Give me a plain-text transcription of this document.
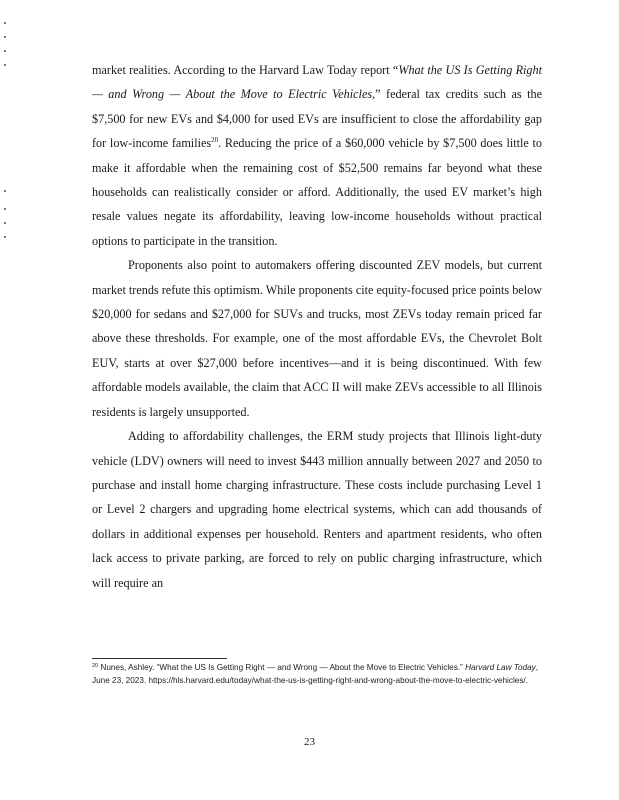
market realities. According to the Harvard Law Today report “What the US Is Getting Right — and Wrong — About the Move to Electric Vehicles,” federal tax credits such as the $7,500 for new EVs and $4,000 for used EVs are insufficient to close the affordability gap for low-income families$^{20}$. Reducing the price of a $60,000 vehicle by $7,500 does little to make it affordable when the remaining cost of $52,500 remains far beyond what these households can realistically consider or afford. Additionally, the used EV market’s high resale values negate its affordability, leaving low-income households without practical options to participate in the transition.

Proponents also point to automakers offering discounted ZEV models, but current market trends refute this optimism. While proponents cite equity-focused price points below $20,000 for sedans and $27,000 for SUVs and trucks, most ZEVs today remain priced far above these thresholds. For example, one of the most affordable EVs, the Chevrolet Bolt EUV, starts at over $27,000 before incentives—and it is being discontinued. With few affordable models available, the claim that ACC II will make ZEVs accessible to all Illinois residents is largely unsupported.

Adding to affordability challenges, the ERM study projects that Illinois light-duty vehicle (LDV) owners will need to invest $443 million annually between 2027 and 2050 to purchase and install home charging infrastructure. These costs include purchasing Level 1 or Level 2 chargers and upgrading home electrical systems, which can add thousands of dollars in additional expenses per household. Renters and apartment residents, who often lack access to private parking, are forced to rely on public charging infrastructure, which will require an

$^{20}$ Nunes, Ashley. “What the US Is Getting Right — and Wrong — About the Move to Electric Vehicles.” Harvard Law Today, June 23, 2023. https://hls.harvard.edu/today/what-the-us-is-getting-right-and-wrong-about-the-move-to-electric-vehicles/.

23
